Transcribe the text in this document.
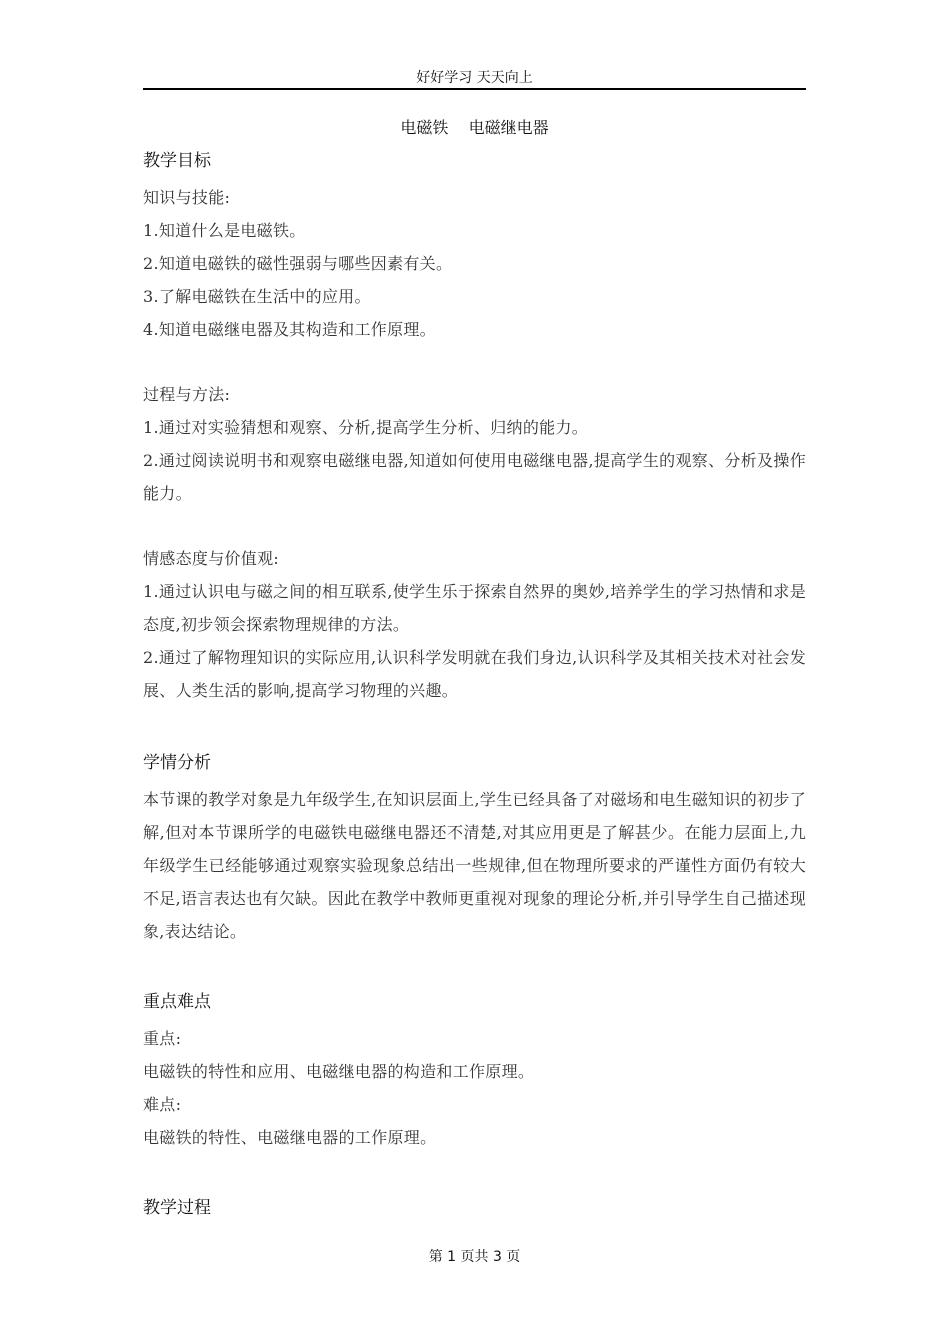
好好学习 天天向上
电磁铁    电磁继电器
教学目标

知识与技能:

1.知道什么是电磁铁。

2.知道电磁铁的磁性强弱与哪些因素有关。

3.了解电磁铁在生活中的应用。

4.知道电磁继电器及其构造和工作原理。

过程与方法:

1.通过对实验猜想和观察、分析,提高学生分析、归纳的能力。

2.通过阅读说明书和观察电磁继电器,知道如何使用电磁继电器,提高学生的观察、分析及操作能力。

情感态度与价值观:

1.通过认识电与磁之间的相互联系,使学生乐于探索自然界的奥妙,培养学生的学习热情和求是态度,初步领会探索物理规律的方法。

2.通过了解物理知识的实际应用,认识科学发明就在我们身边,认识科学及其相关技术对社会发展、人类生活的影响,提高学习物理的兴趣。

学情分析

本节课的教学对象是九年级学生,在知识层面上,学生已经具备了对磁场和电生磁知识的初步了解,但对本节课所学的电磁铁电磁继电器还不清楚,对其应用更是了解甚少。在能力层面上,九年级学生已经能够通过观察实验现象总结出一些规律,但在物理所要求的严谨性方面仍有较大不足,语言表达也有欠缺。因此在教学中教师更重视对现象的理论分析,并引导学生自己描述现象,表达结论。

重点难点

重点:

电磁铁的特性和应用、电磁继电器的构造和工作原理。

难点:

电磁铁的特性、电磁继电器的工作原理。

教学过程
第 1 页共 3 页
